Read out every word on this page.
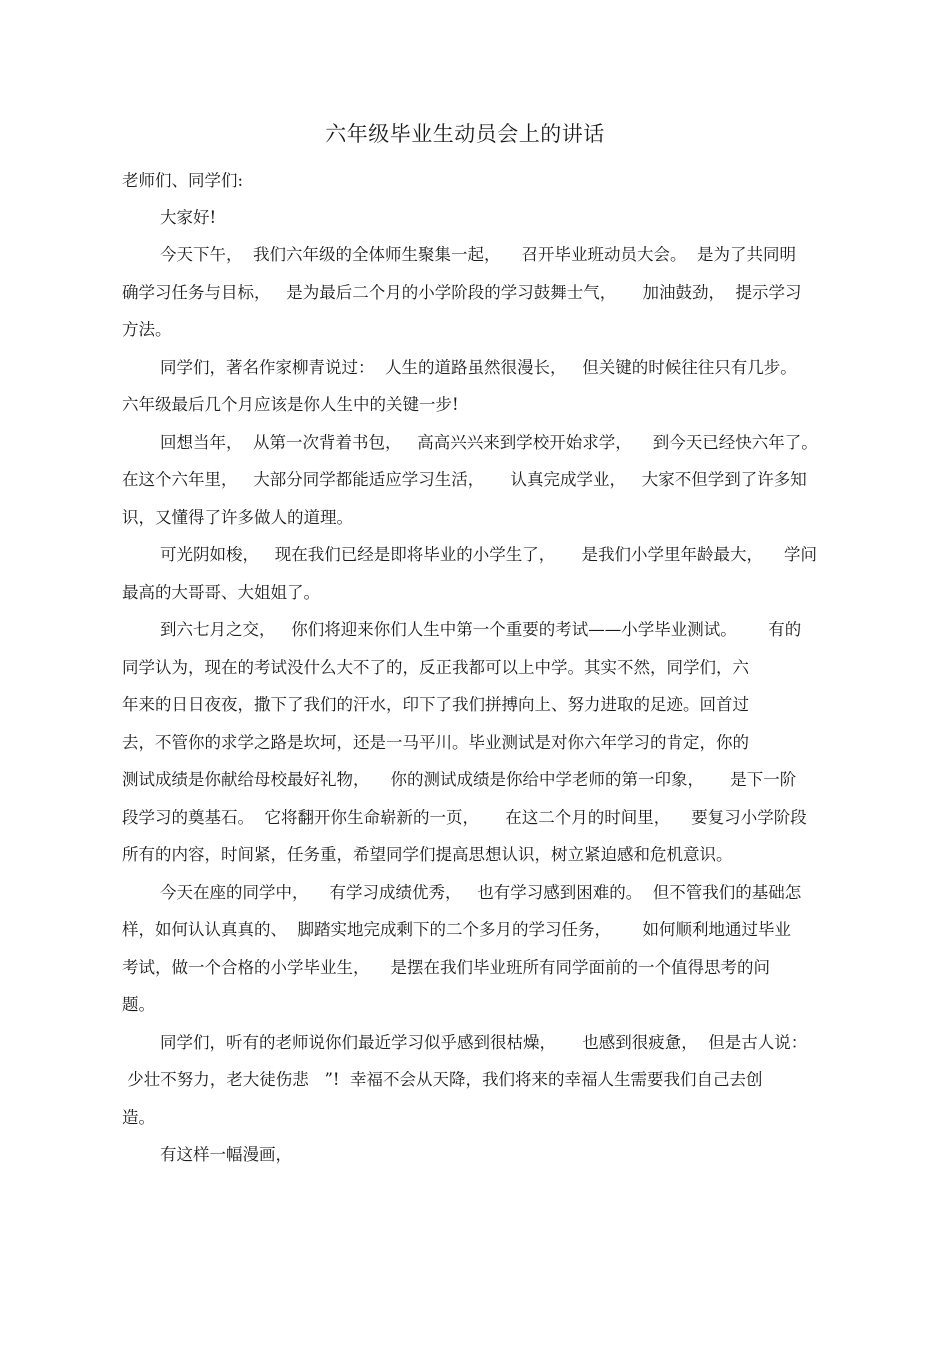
六年级毕业生动员会上的讲话

老师们、同学们:

大家好!

今天下午，  我们六年级的全体师生聚集一起，    召开毕业班动员大会。  是为了共同明

确学习任务与目标，   是为最后二个月的小学阶段的学习鼓舞士气，     加油鼓劲，  提示学习

方法。

同学们，著名作家柳青说过：  人生的道路虽然很漫长，   但关键的时候往往只有几步。

六年级最后几个月应该是你人生中的关键一步!

回想当年，  从第一次背着书包，   高高兴兴来到学校开始求学，    到今天已经快六年了。

在这个六年里，   大部分同学都能适应学习生活，     认真完成学业，   大家不但学到了许多知

识，又懂得了许多做人的道理。

可光阴如梭，   现在我们已经是即将毕业的小学生了，     是我们小学里年龄最大，    学问

最高的大哥哥、大姐姐了。

到六七月之交，   你们将迎来你们人生中第一个重要的考试——小学毕业测试。      有的

同学认为，现在的考试没什么大不了的，反正我都可以上中学。其实不然，同学们，六

年来的日日夜夜，撒下了我们的汗水，印下了我们拼搏向上、努力进取的足迹。回首过

去，不管你的求学之路是坎坷，还是一马平川。毕业测试是对你六年学习的肯定，你的

测试成绩是你献给母校最好礼物，    你的测试成绩是你给中学老师的第一印象，     是下一阶

段学习的奠基石。  它将翻开你生命崭新的一页，     在这二个月的时间里，    要复习小学阶段

所有的内容，时间紧，任务重，希望同学们提高思想认识，树立紧迫感和危机意识。

今天在座的同学中，    有学习成绩优秀，   也有学习感到困难的。  但不管我们的基础怎

样，如何认认真真的、  脚踏实地完成剩下的二个多月的学习任务，      如何顺利地通过毕业

考试，做一个合格的小学毕业生，    是摆在我们毕业班所有同学面前的一个值得思考的问

题。

同学们，听有的老师说你们最近学习似乎感到很枯燥，     也感到很疲惫，  但是古人说：

少壮不努力，老大徒伤悲   ”!  幸福不会从天降，我们将来的幸福人生需要我们自己去创

造。

有这样一幅漫画，
